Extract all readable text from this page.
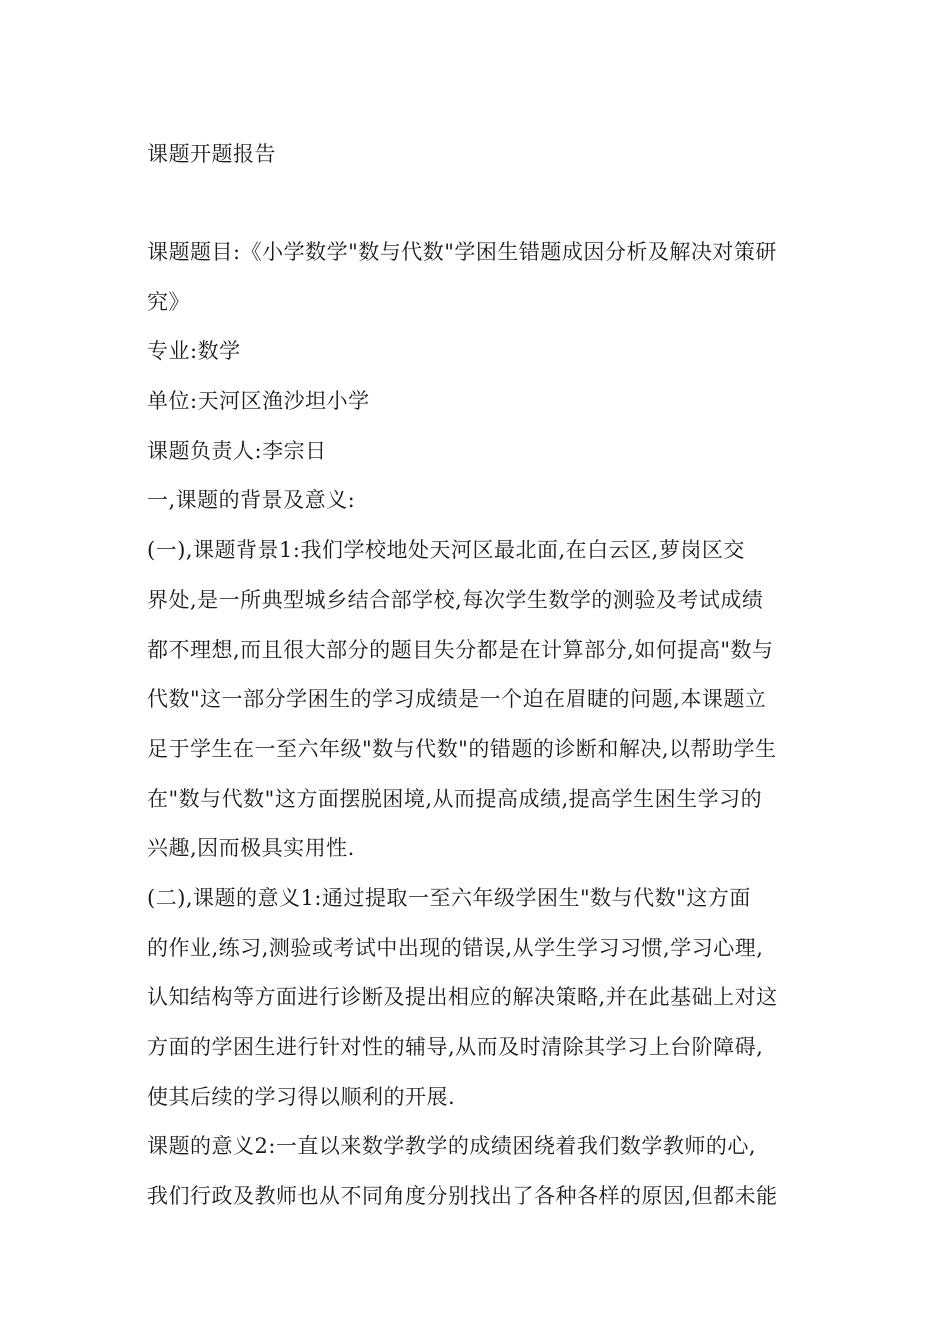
课题开题报告
课题题目:《小学数学"数与代数"学困生错题成因分析及解决对策研
究》
专业:数学
单位:天河区渔沙坦小学
课题负责人:李宗日
一,课题的背景及意义:
(一),课题背景1:我们学校地处天河区最北面,在白云区,萝岗区交
界处,是一所典型城乡结合部学校,每次学生数学的测验及考试成绩
都不理想,而且很大部分的题目失分都是在计算部分,如何提高"数与
代数"这一部分学困生的学习成绩是一个迫在眉睫的问题,本课题立
足于学生在一至六年级"数与代数"的错题的诊断和解决,以帮助学生
在"数与代数"这方面摆脱困境,从而提高成绩,提高学生困生学习的
兴趣,因而极具实用性.
(二),课题的意义1:通过提取一至六年级学困生"数与代数"这方面
的作业,练习,测验或考试中出现的错误,从学生学习习惯,学习心理,
认知结构等方面进行诊断及提出相应的解决策略,并在此基础上对这
方面的学困生进行针对性的辅导,从而及时清除其学习上台阶障碍,
使其后续的学习得以顺利的开展.
课题的意义2:一直以来数学教学的成绩困绕着我们数学教师的心,
我们行政及教师也从不同角度分别找出了各种各样的原因,但都未能
